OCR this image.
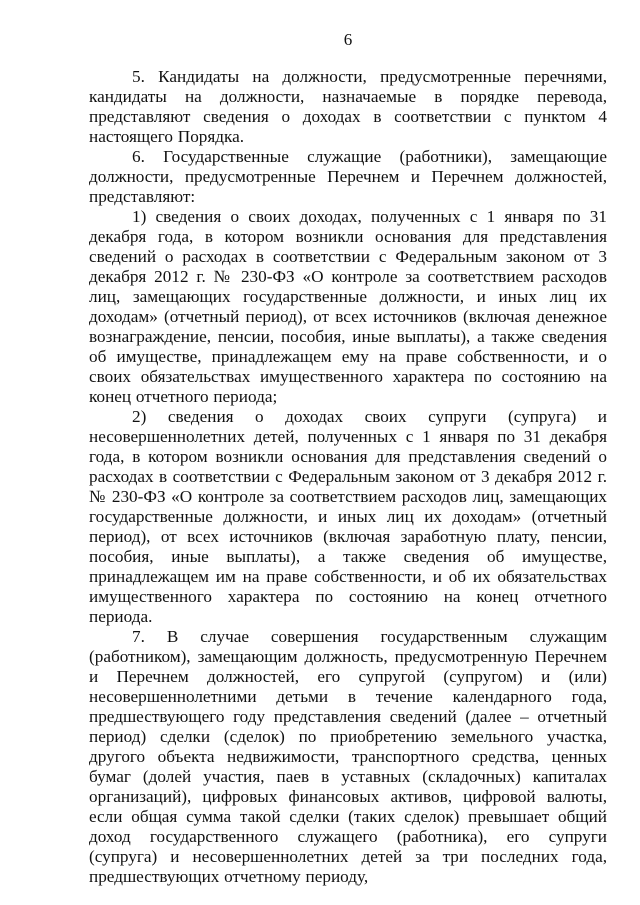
6

5. Кандидаты на должности, предусмотренные перечнями, кандидаты на должности, назначаемые в порядке перевода, представляют сведения о доходах в соответствии с пунктом 4 настоящего Порядка.

6. Государственные служащие (работники), замещающие должности, предусмотренные Перечнем и Перечнем должностей, представляют:

1) сведения о своих доходах, полученных с 1 января по 31 декабря года, в котором возникли основания для представления сведений о расходах в соответствии с Федеральным законом от 3 декабря 2012 г. № 230-ФЗ «О контроле за соответствием расходов лиц, замещающих государственные должности, и иных лиц их доходам» (отчетный период), от всех источников (включая денежное вознаграждение, пенсии, пособия, иные выплаты), а также сведения об имуществе, принадлежащем ему на праве собственности, и о своих обязательствах имущественного характера по состоянию на конец отчетного периода;

2) сведения о доходах своих супруги (супруга) и несовершеннолетних детей, полученных с 1 января по 31 декабря года, в котором возникли основания для представления сведений о расходах в соответствии с Федеральным законом от 3 декабря 2012 г. № 230-ФЗ «О контроле за соответствием расходов лиц, замещающих государственные должности, и иных лиц их доходам» (отчетный период), от всех источников (включая заработную плату, пенсии, пособия, иные выплаты), а также сведения об имуществе, принадлежащем им на праве собственности, и об их обязательствах имущественного характера по состоянию на конец отчетного периода.

7. В случае совершения государственным служащим (работником), замещающим должность, предусмотренную Перечнем и Перечнем должностей, его супругой (супругом) и (или) несовершеннолетними детьми в течение календарного года, предшествующего году представления сведений (далее – отчетный период) сделки (сделок) по приобретению земельного участка, другого объекта недвижимости, транспортного средства, ценных бумаг (долей участия, паев в уставных (складочных) капиталах организаций), цифровых финансовых активов, цифровой валюты, если общая сумма такой сделки (таких сделок) превышает общий доход государственного служащего (работника), его супруги (супруга) и несовершеннолетних детей за три последних года, предшествующих отчетному периоду,
